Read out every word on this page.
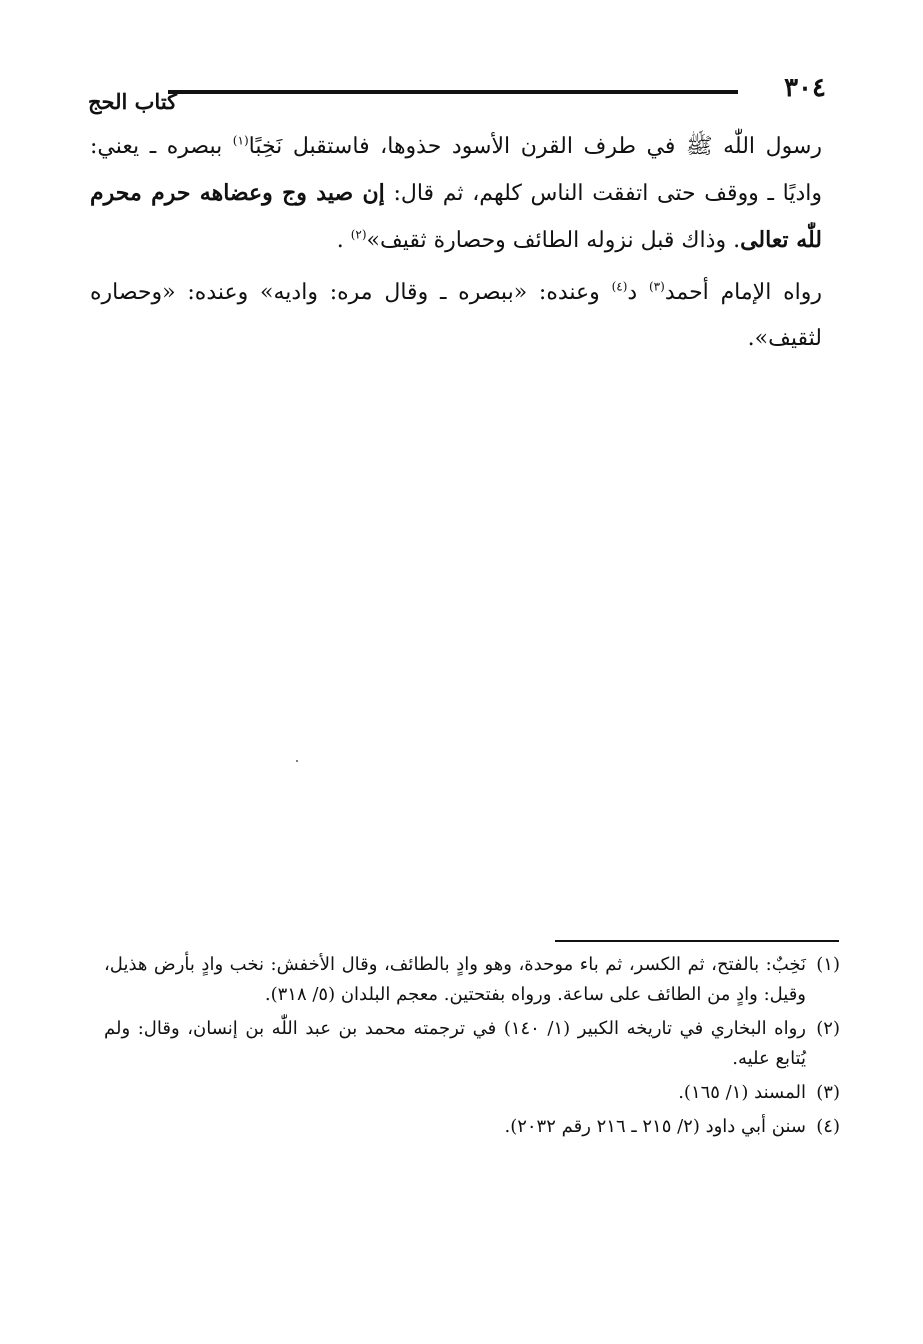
٣٠٤
كتاب الحج

رسول اللّٰه ﷺ في طرف القرن الأسود حذوها، فاستقبل نَخِبًا$^{(١)}$ ببصره ـ يعني: واديًا ـ ووقف حتى اتفقت الناس كلهم، ثم قال: إن صيد وج وعضاهه حرم محرم للّٰه تعالى. وذاك قبل نزوله الطائف وحصارة ثقيف»$^{(٢)}$ .

رواه الإمام أحمد$^{(٣)}$ د$^{(٤)}$ وعنده: «ببصره ـ وقال مره: واديه» وعنده: «وحصاره لثقيف».

(١)
نَخِبٌ: بالفتح، ثم الكسر، ثم باء موحدة، وهو وادٍ بالطائف، وقال الأخفش: نخب وادٍ بأرض هذيل، وقيل: وادٍ من الطائف على ساعة. ورواه بفتحتين. معجم البلدان (٥/ ٣١٨).
(٢)
رواه البخاري في تاريخه الكبير (١/ ١٤٠) في ترجمته محمد بن عبد اللّٰه بن إنسان، وقال: ولم يُتابع عليه.
(٣)
المسند (١/ ١٦٥).
(٤)
سنن أبي داود (٢/ ٢١٥ ـ ٢١٦ رقم ٢٠٣٢).
